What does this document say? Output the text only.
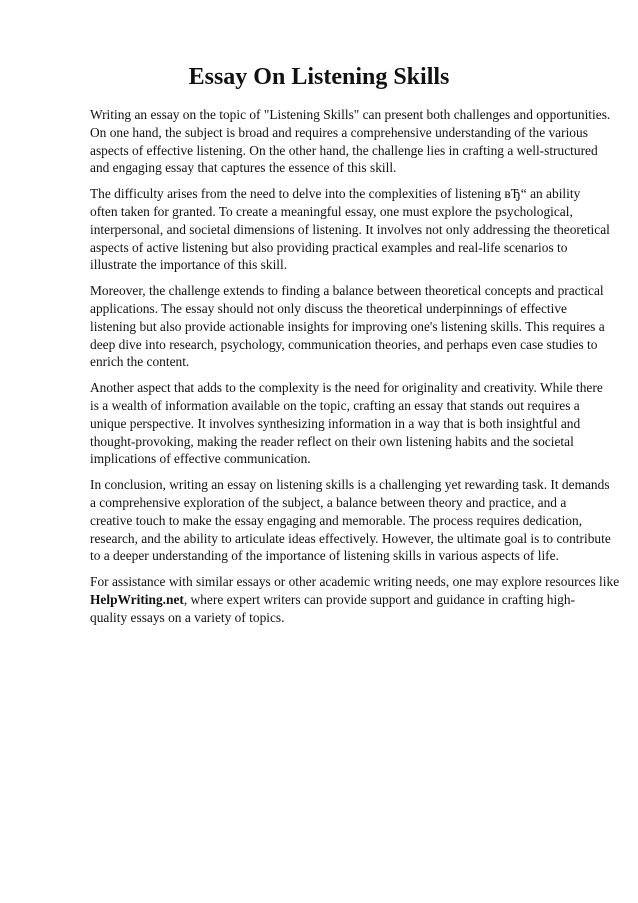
Essay On Listening Skills

Writing an essay on the topic of "Listening Skills" can present both challenges and opportunities.
On one hand, the subject is broad and requires a comprehensive understanding of the various
aspects of effective listening. On the other hand, the challenge lies in crafting a well-structured
and engaging essay that captures the essence of this skill.

The difficulty arises from the need to delve into the complexities of listening вЂ“ an ability
often taken for granted. To create a meaningful essay, one must explore the psychological,
interpersonal, and societal dimensions of listening. It involves not only addressing the theoretical
aspects of active listening but also providing practical examples and real-life scenarios to
illustrate the importance of this skill.

Moreover, the challenge extends to finding a balance between theoretical concepts and practical
applications. The essay should not only discuss the theoretical underpinnings of effective
listening but also provide actionable insights for improving one's listening skills. This requires a
deep dive into research, psychology, communication theories, and perhaps even case studies to
enrich the content.

Another aspect that adds to the complexity is the need for originality and creativity. While there
is a wealth of information available on the topic, crafting an essay that stands out requires a
unique perspective. It involves synthesizing information in a way that is both insightful and
thought-provoking, making the reader reflect on their own listening habits and the societal
implications of effective communication.

In conclusion, writing an essay on listening skills is a challenging yet rewarding task. It demands
a comprehensive exploration of the subject, a balance between theory and practice, and a
creative touch to make the essay engaging and memorable. The process requires dedication,
research, and the ability to articulate ideas effectively. However, the ultimate goal is to contribute
to a deeper understanding of the importance of listening skills in various aspects of life.

For assistance with similar essays or other academic writing needs, one may explore resources like
HelpWriting.net, where expert writers can provide support and guidance in crafting high-
quality essays on a variety of topics.
